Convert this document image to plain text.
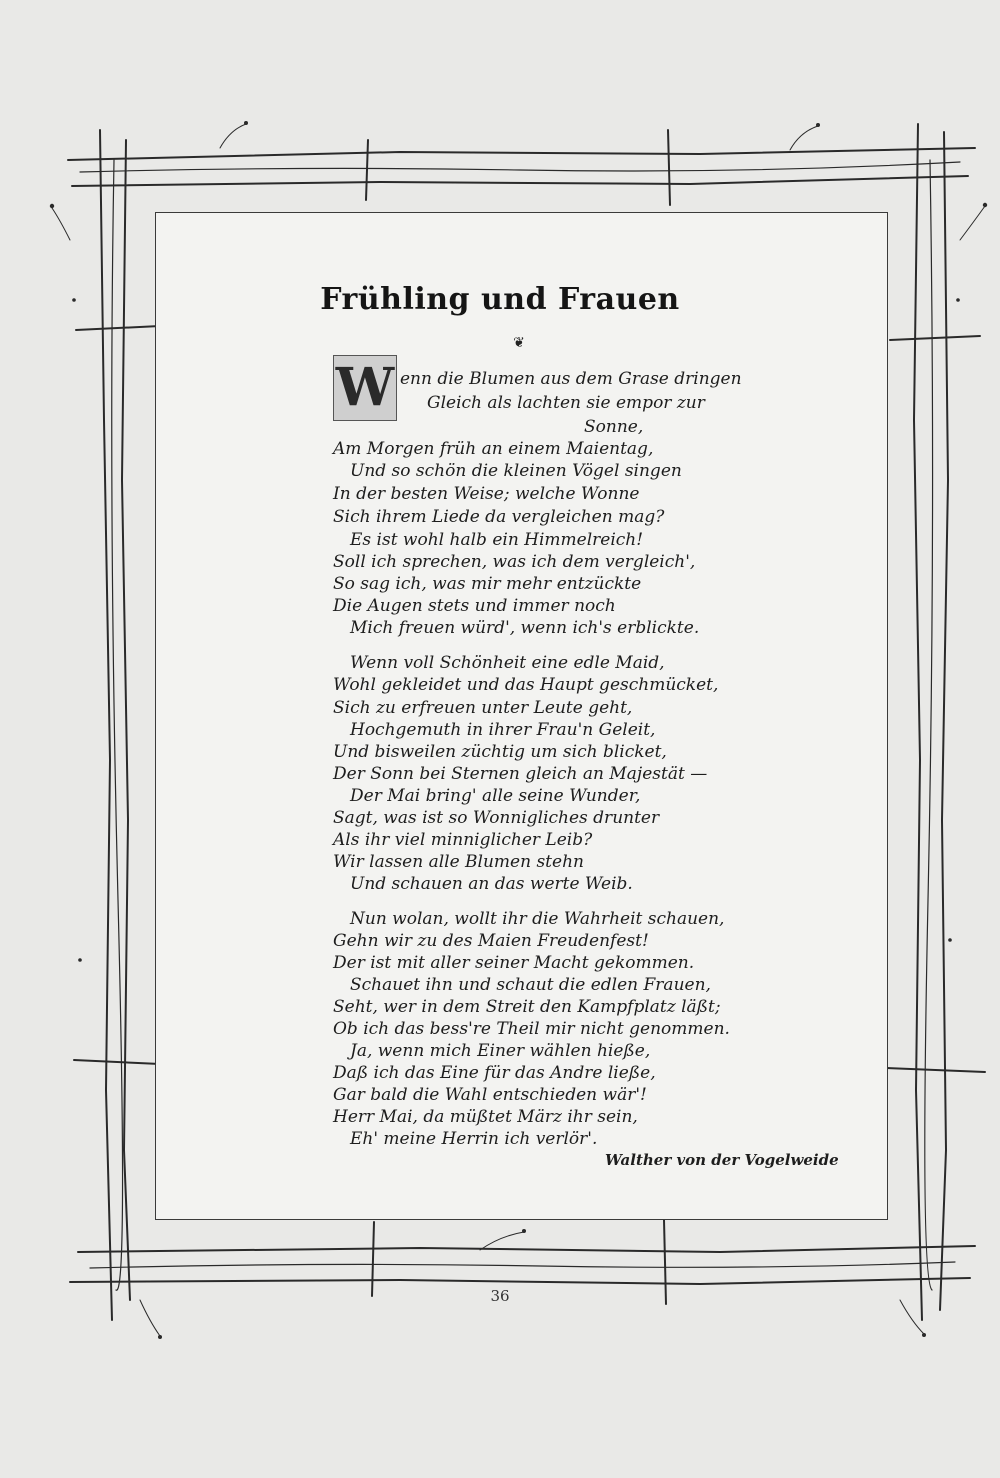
Frühling und Frauen
❦
W enn die Blumen aus dem Grase dringen
Gleich als lachten sie empor zur
Sonne,
Am Morgen früh an einem Maientag,
Und so schön die kleinen Vögel singen
In der besten Weise; welche Wonne
Sich ihrem Liede da vergleichen mag?
Es ist wohl halb ein Himmelreich!
Soll ich sprechen, was ich dem vergleich',
So sag ich, was mir mehr entzückte
Die Augen stets und immer noch
Mich freuen würd', wenn ich's erblickte.
Wenn voll Schönheit eine edle Maid,
Wohl gekleidet und das Haupt geschmücket,
Sich zu erfreuen unter Leute geht,
Hochgemuth in ihrer Frau'n Geleit,
Und bisweilen züchtig um sich blicket,
Der Sonn bei Sternen gleich an Majestät —
Der Mai bring' alle seine Wunder,
Sagt, was ist so Wonnigliches drunter
Als ihr viel minniglicher Leib?
Wir lassen alle Blumen stehn
Und schauen an das werte Weib.
Nun wolan, wollt ihr die Wahrheit schauen,
Gehn wir zu des Maien Freudenfest!
Der ist mit aller seiner Macht gekommen.
Schauet ihn und schaut die edlen Frauen,
Seht, wer in dem Streit den Kampfplatz läßt;
Ob ich das bess're Theil mir nicht genommen.
Ja, wenn mich Einer wählen hieße,
Daß ich das Eine für das Andre ließe,
Gar bald die Wahl entschieden wär'!
Herr Mai, da müßtet März ihr sein,
Eh' meine Herrin ich verlör'.
Walther von der Vogelweide
36
